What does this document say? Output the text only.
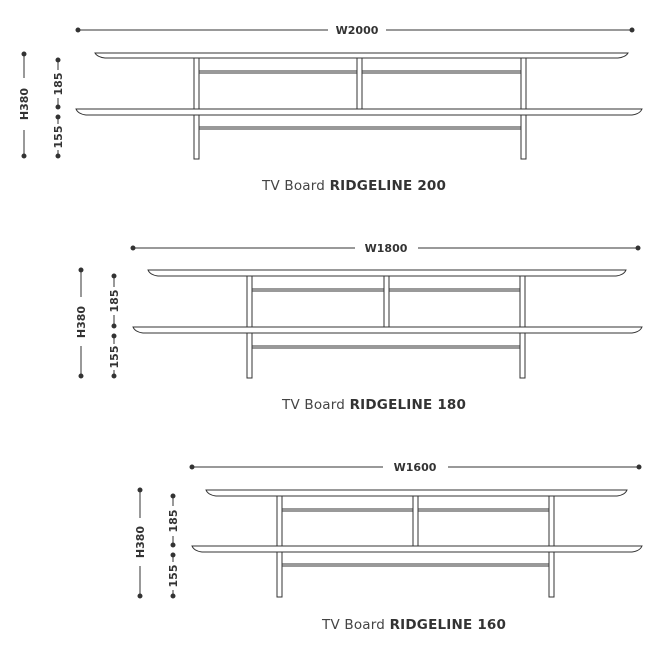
W2000
H380
185
155
W1800
H380
185
155
W1600
H380
185
155
TV Board RIDGELINE 200
TV Board RIDGELINE 180
TV Board RIDGELINE 160
